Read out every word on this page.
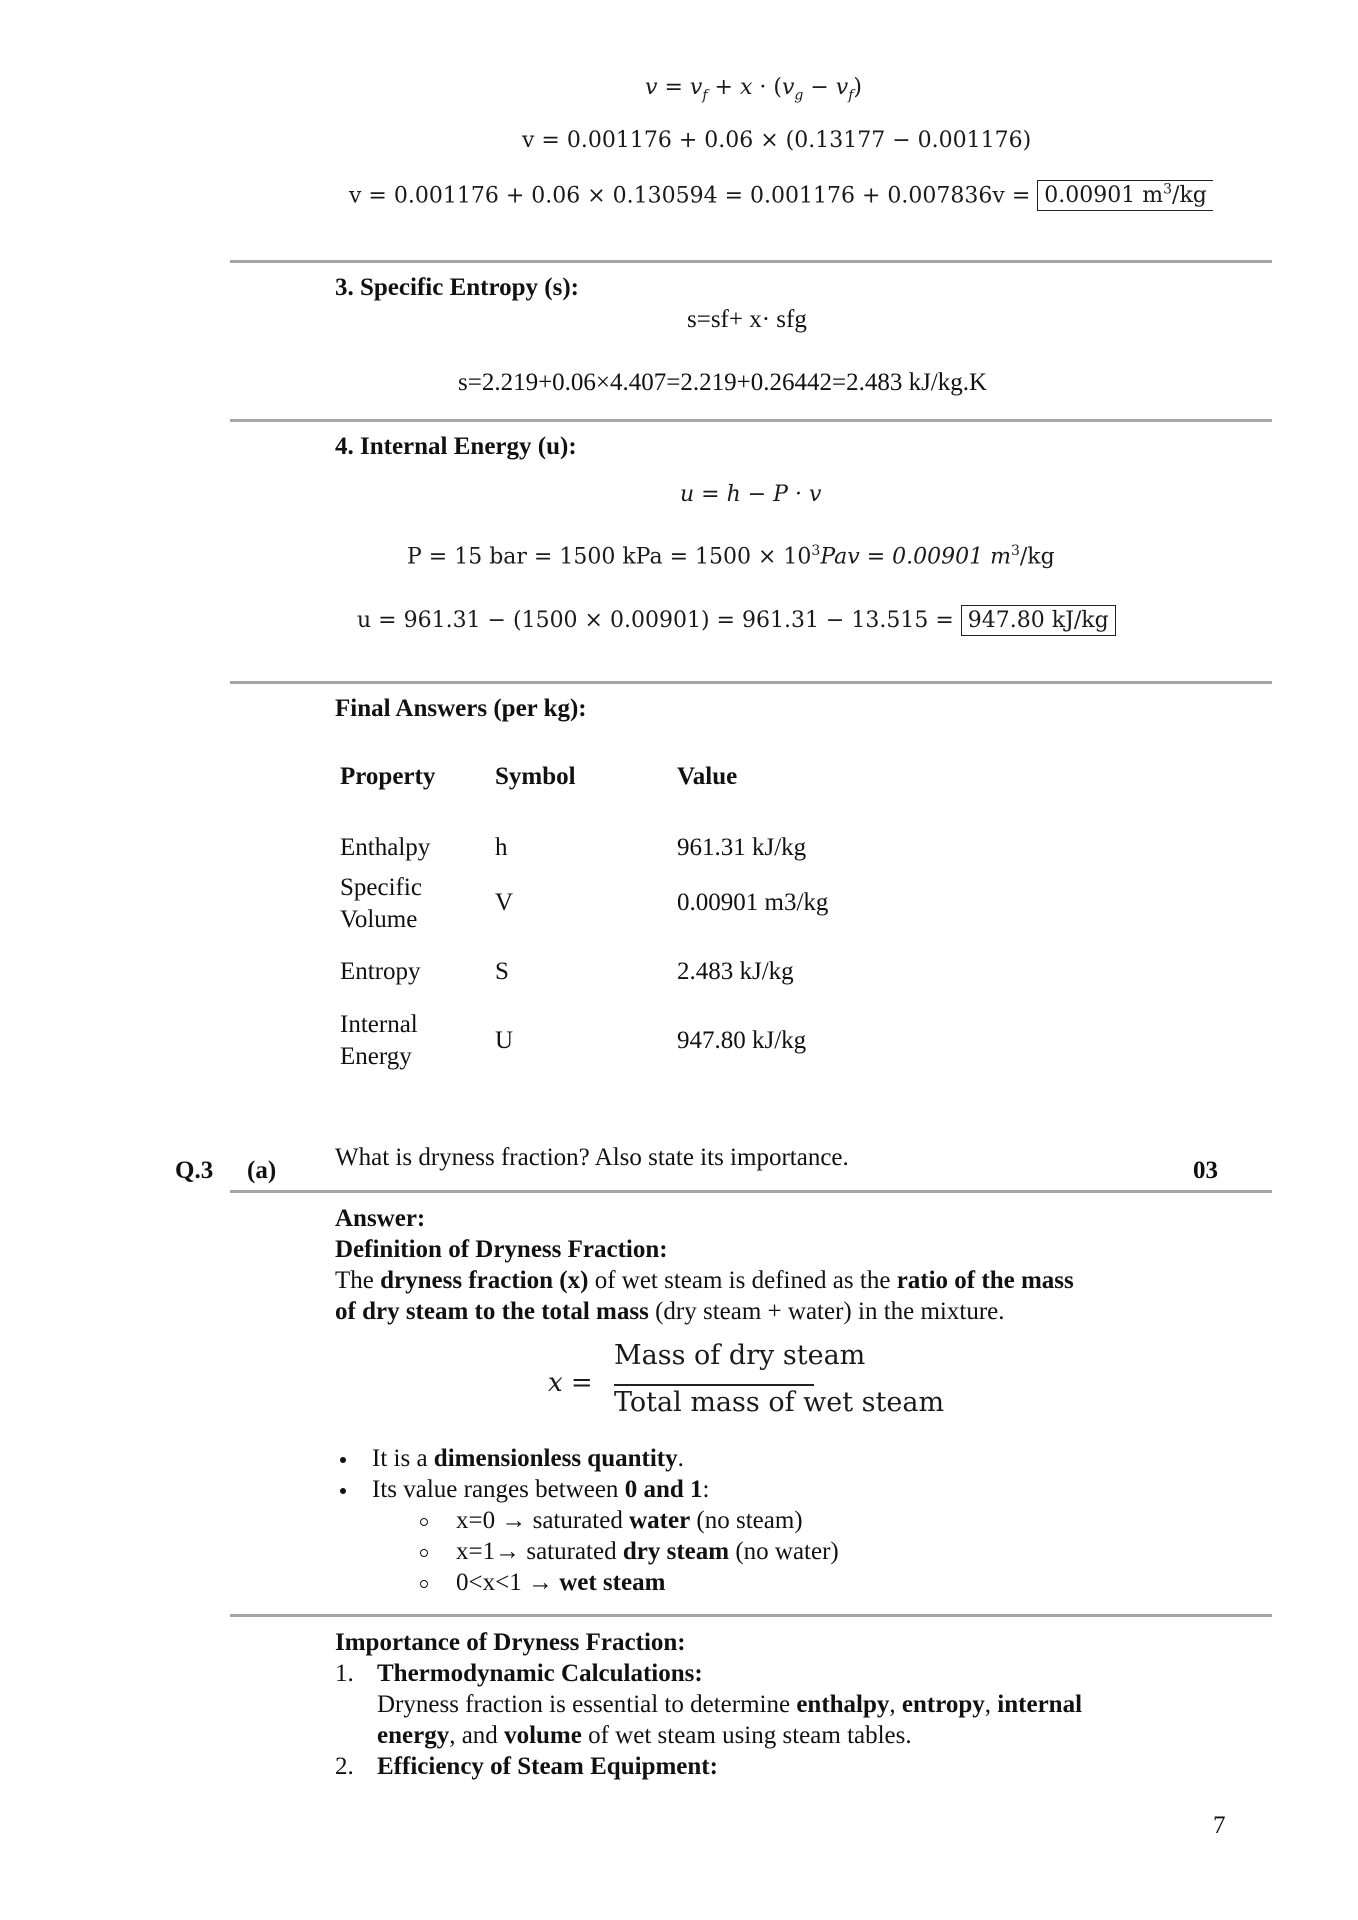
$v = v_f + x \cdot (v_g - v_f)$
v = 0.001176 + 0.06 × (0.13177 − 0.001176)
v = 0.001176 + 0.06 × 0.130594 = 0.001176 + 0.007836v = 0.00901 $m^3/kg$
3. Specific Entropy (s):
s=sf+ x· sfg
s=2.219+0.06×4.407=2.219+0.26442=2.483 kJ/kg.K
4. Internal Energy (u):
u = h − P · v
P = 15 bar = 1500 kPa = $1500 \times 10^3Pav = 0.00901$ $m^3/kg$
u = 961.31 − (1500 × 0.00901) = 961.31 − 13.515 = 947.80 kJ/kg
Final Answers (per kg):
Property Symbol	Value
Enthalpy	h	961.31 kJ/kg
Specific
Volume
V	0.00901 m3/kg
Entropy	S	2.483 kJ/kg
Internal
Energy
U	947.80 kJ/kg
Q.3 (a) What is dryness fraction? Also state its importance.	03
Answer:
Definition of Dryness Fraction:
The dryness fraction (x) of wet steam is defined as the ratio of the mass
of dry steam to the total mass (dry steam + water) in the mixture.
x =
Mass of dry steam
Total mass of wet steam
It is a dimensionless quantity.
Its value ranges between 0 and 1:
x=0 → saturated water (no steam)
x=1→ saturated dry steam (no water)
0<x<1 → wet steam
Importance of Dryness Fraction:
1. Thermodynamic Calculations:
Dryness fraction is essential to determine enthalpy, entropy, internal
energy, and volume of wet steam using steam tables.
2. Efficiency of Steam Equipment:
7
